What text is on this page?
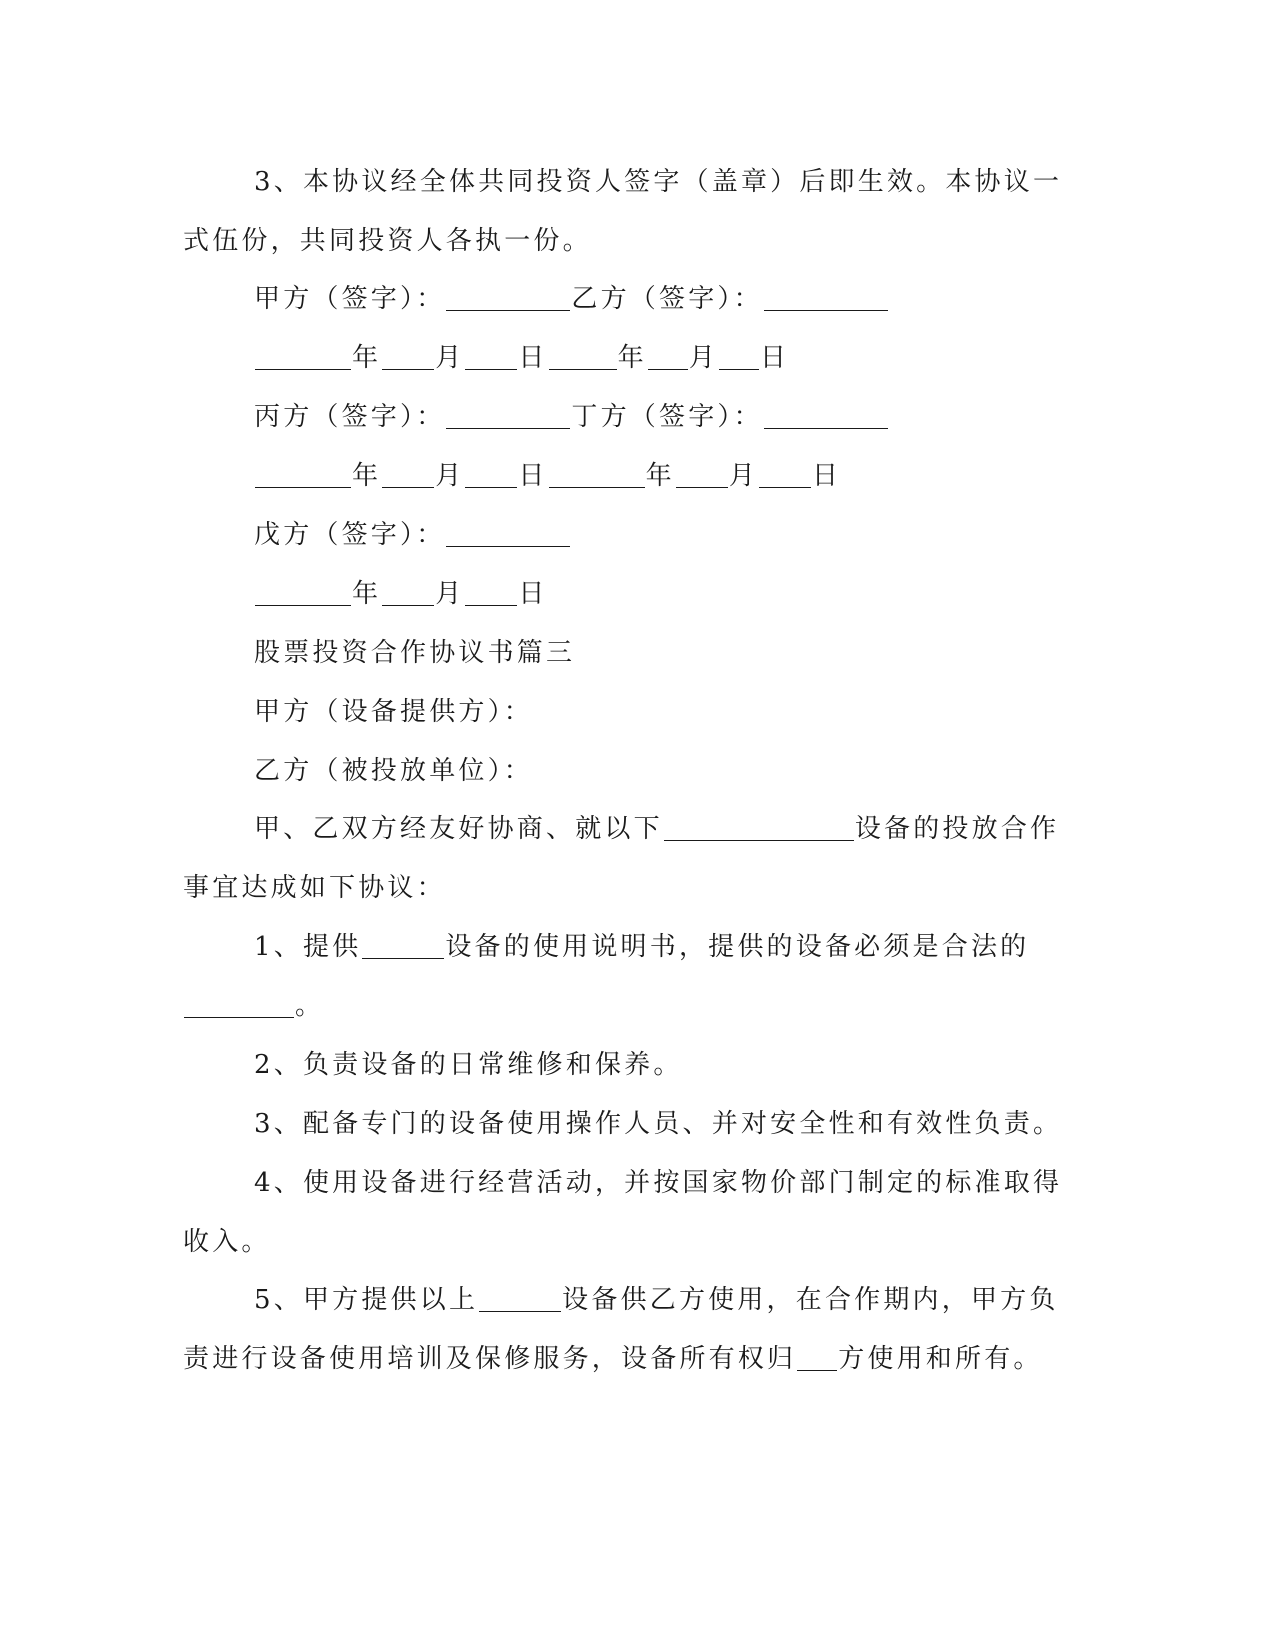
3、本协议经全体共同投资人签字（盖章）后即生效。本协议一
式伍份，共同投资人各执一份。
甲方（签字）：	乙方（签字）：
年 月 日	年 月 日
丙方（签字）：	丁方（签字）：
年 月 日	年 月 日
戊方（签字）：
年 月 日
股票投资合作协议书篇三
甲方（设备提供方）：
乙方（被投放单位）：
甲、乙双方经友好协商、就以下	设备的投放合作
事宜达成如下协议：
1、提供	设备的使用说明书，提供的设备必须是合法的
。
2、负责设备的日常维修和保养。
3、配备专门的设备使用操作人员、并对安全性和有效性负责。
4、使用设备进行经营活动，并按国家物价部门制定的标准取得
收入。
5、甲方提供以上	设备供乙方使用，在合作期内，甲方负
责进行设备使用培训及保修服务，设备所有权归 方使用和所有。
